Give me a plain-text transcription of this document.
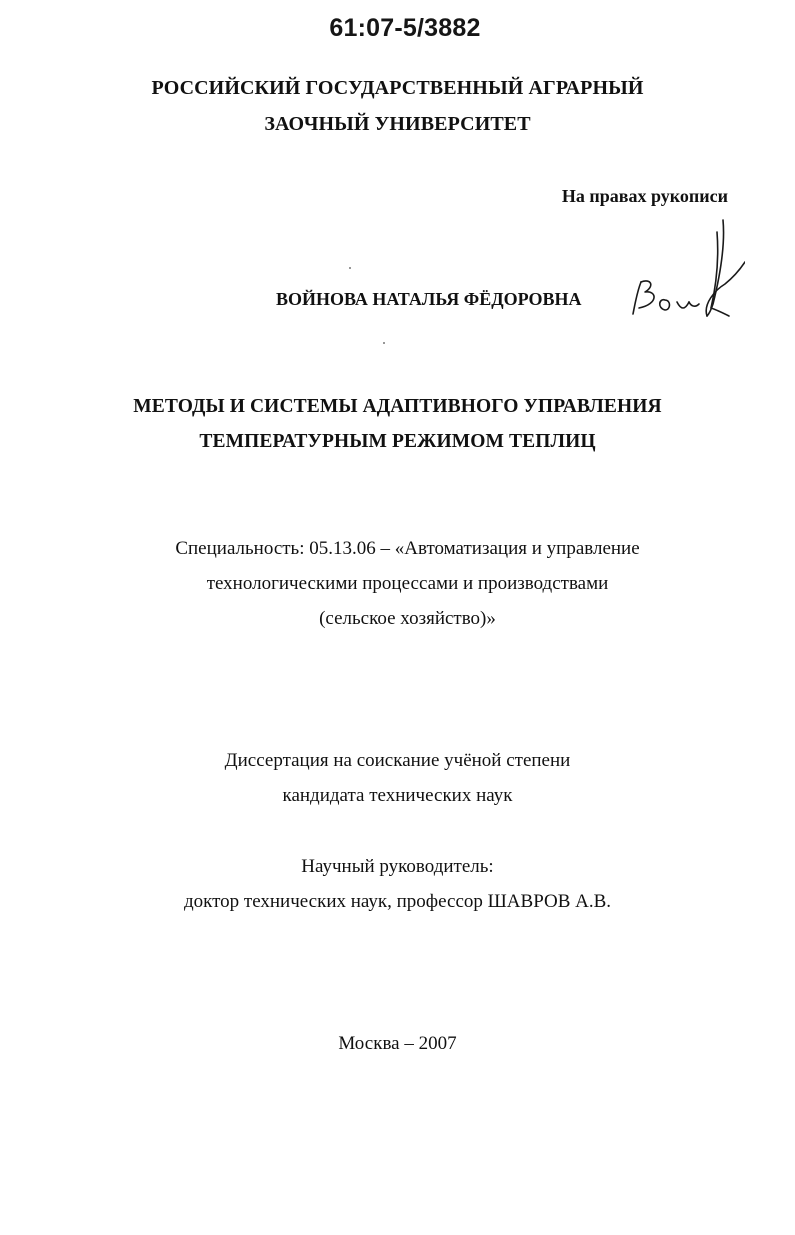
61:07-5/3882
РОССИЙСКИЙ ГОСУДАРСТВЕННЫЙ АГРАРНЫЙ
ЗАОЧНЫЙ УНИВЕРСИТЕТ
На правах рукописи
ВОЙНОВА НАТАЛЬЯ ФЁДОРОВНА
МЕТОДЫ И СИСТЕМЫ АДАПТИВНОГО УПРАВЛЕНИЯ
ТЕМПЕРАТУРНЫМ РЕЖИМОМ ТЕПЛИЦ
Специальность: 05.13.06 – «Автоматизация и управление
технологическими процессами и производствами
(сельское хозяйство)»
Диссертация на соискание учёной степени
кандидата технических наук
Научный руководитель:
доктор технических наук, профессор ШАВРОВ А.В.
Москва – 2007
